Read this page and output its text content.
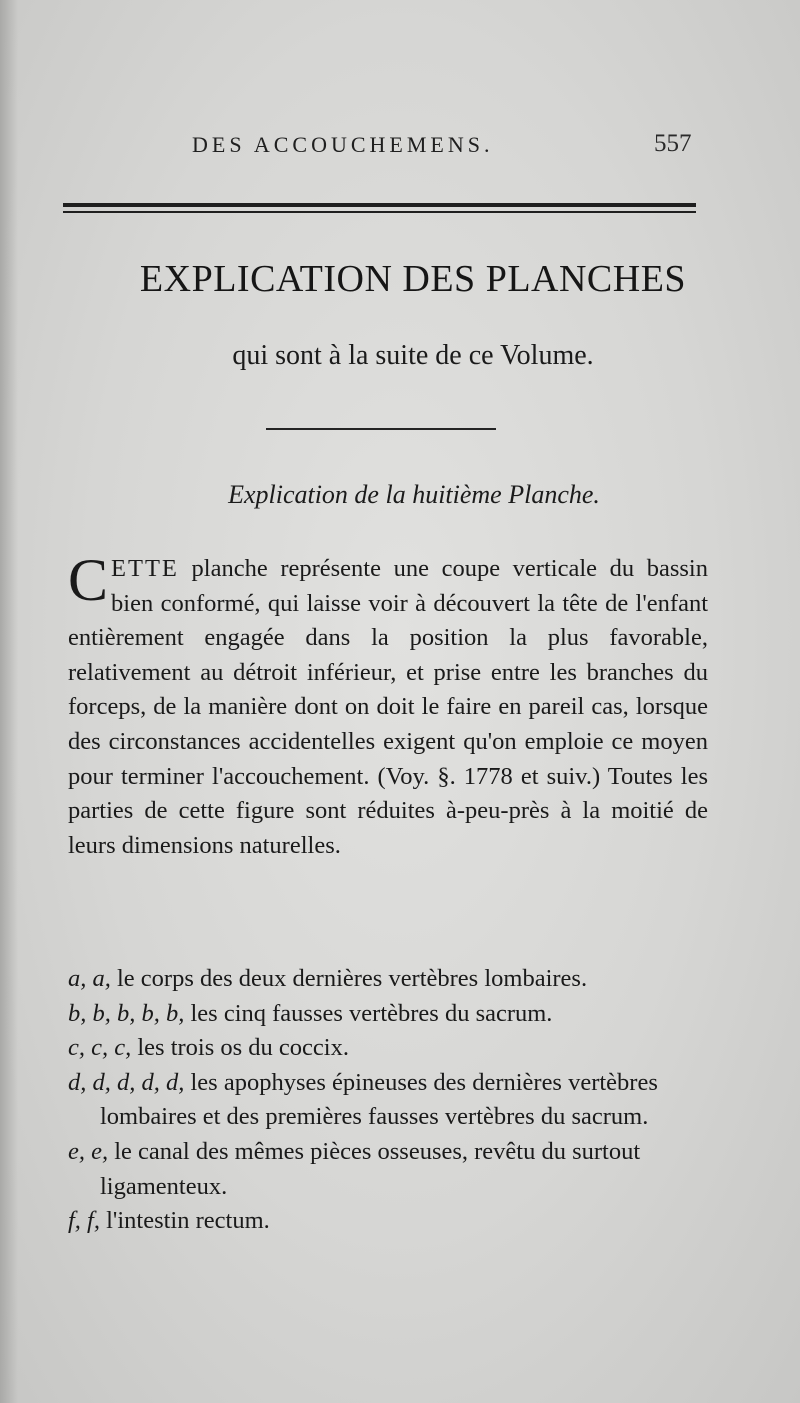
DES ACCOUCHEMENS.	557
EXPLICATION DES PLANCHES
qui sont à la suite de ce Volume.
Explication de la huitième Planche.
CETTE planche représente une coupe verticale du bassin bien conformé, qui laisse voir à découvert la tête de l'enfant entièrement engagée dans la position la plus favorable, relativement au détroit inférieur, et prise entre les branches du forceps, de la manière dont on doit le faire en pareil cas, lorsque des circonstances accidentelles exigent qu'on emploie ce moyen pour terminer l'accouchement. (Voy. §. 1778 et suiv.) Toutes les parties de cette figure sont réduites à-peu-près à la moitié de leurs dimensions naturelles.
a, a, le corps des deux dernières vertèbres lombaires.
b, b, b, b, b, les cinq fausses vertèbres du sacrum.
c, c, c, les trois os du coccix.
d, d, d, d, d, les apophyses épineuses des dernières vertèbres lombaires et des premières fausses vertèbres du sacrum.
e, e, le canal des mêmes pièces osseuses, revêtu du surtout ligamenteux.
f, f, l'intestin rectum.
